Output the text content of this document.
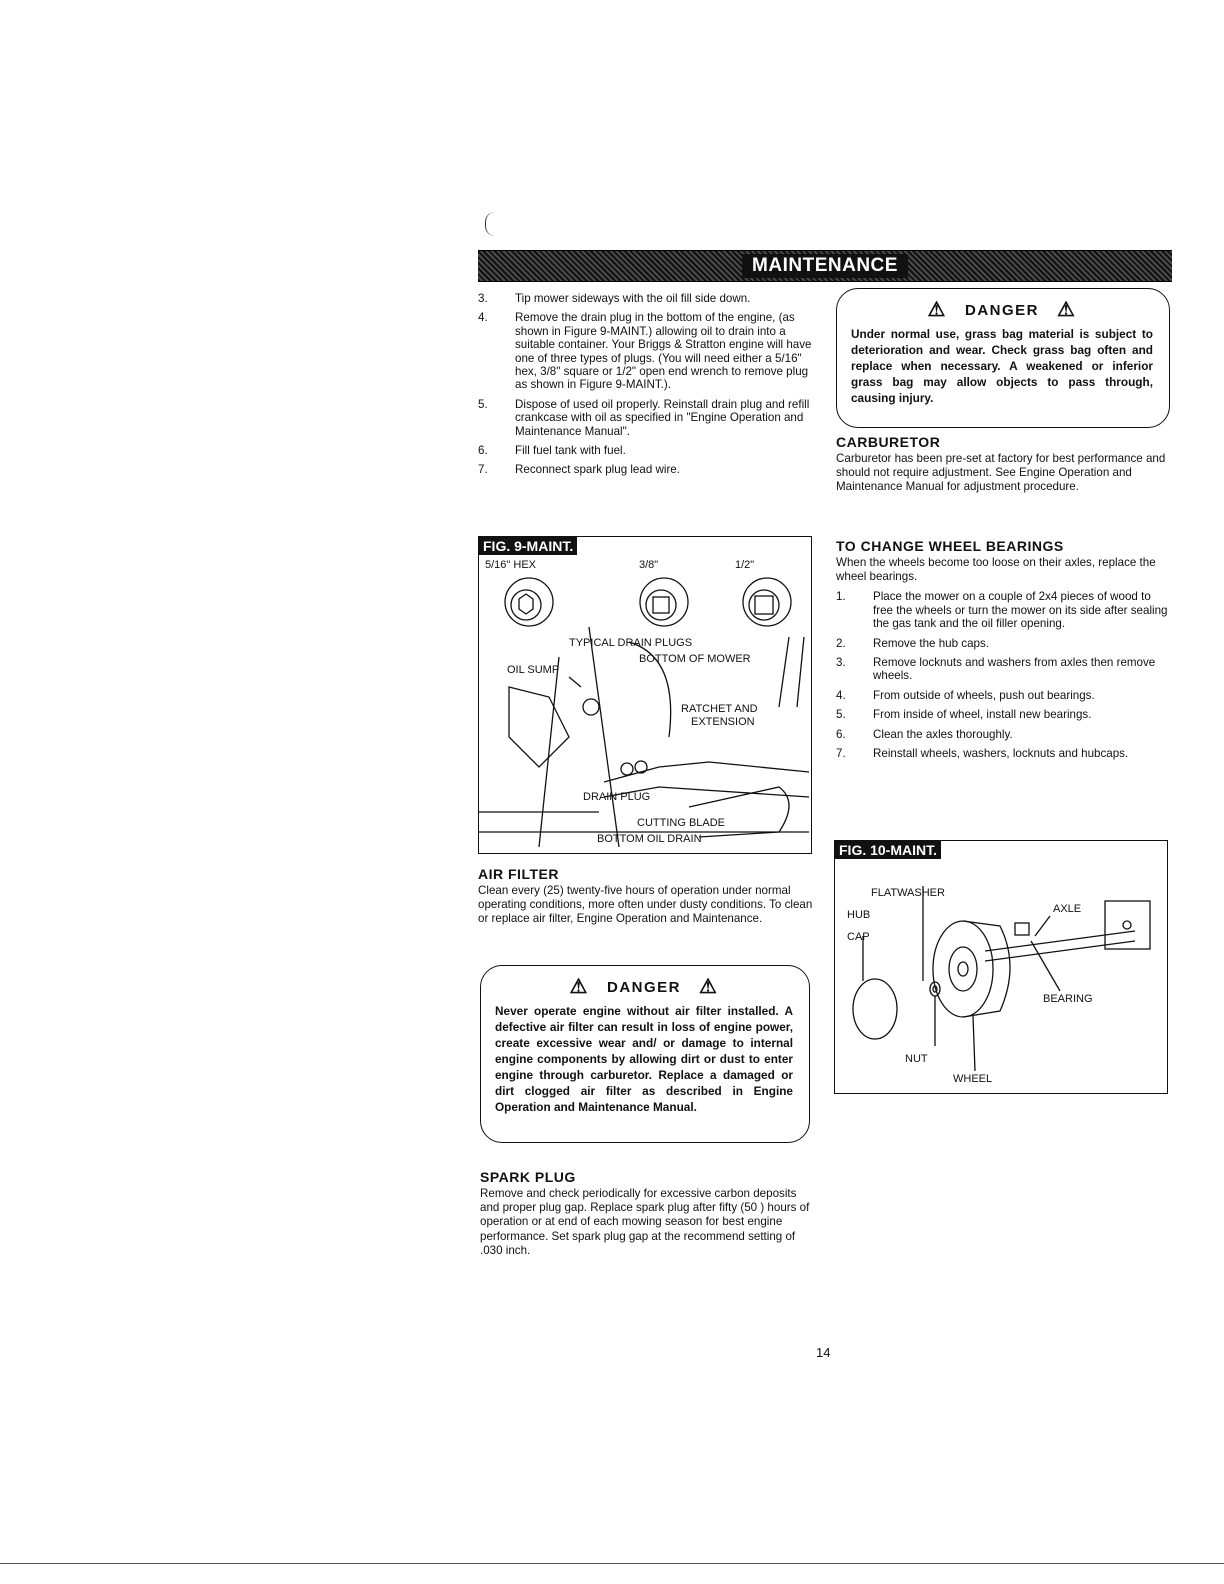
MAINTENANCE
3.	Tip mower sideways with the oil fill side down.
4.	Remove the drain plug in the bottom of the engine, (as shown in Figure 9-MAINT.) allowing oil to drain into a suitable container. Your Briggs & Stratton engine will have one of three types of plugs. (You will need either a 5/16" hex, 3/8" square or 1/2" open end wrench to remove plug as shown in Figure 9-MAINT.).
5.	Dispose of used oil properly. Reinstall drain plug and refill crankcase with oil as specified in "Engine Operation and Maintenance Manual".
6.	Fill fuel tank with fuel.
7.	Reconnect spark plug lead wire.
FIG. 9-MAINT.
5/16" HEX	3/8"	1/2"
TYPICAL DRAIN PLUGS
BOTTOM OF MOWER
OIL SUMP
RATCHET AND
EXTENSION
DRAIN PLUG
CUTTING BLADE
BOTTOM OIL DRAIN
AIR FILTER
Clean every (25) twenty-five hours of operation under normal operating conditions, more often under dusty conditions. To clean or replace air filter, Engine Operation and Maintenance.
⚠ DANGER ⚠
Never operate engine without air filter installed. A defective air filter can result in loss of engine power, create excessive wear and/ or damage to internal engine components by allowing dirt or dust to enter engine through carburetor. Replace a damaged or dirt clogged air filter as described in Engine Operation and Maintenance Manual.
SPARK PLUG
Remove and check periodically for excessive carbon deposits and proper plug gap. Replace spark plug after fifty (50 ) hours of operation or at end of each mowing season for best engine performance. Set spark plug gap at the recommend setting of .030 inch.
⚠ DANGER ⚠
Under normal use, grass bag material is subject to deterioration and wear. Check grass bag often and replace when necessary. A weakened or inferior grass bag may allow objects to pass through, causing injury.
CARBURETOR
Carburetor has been pre-set at factory for best performance and should not require adjustment. See Engine Operation and Maintenance Manual for adjustment procedure.
TO CHANGE WHEEL BEARINGS
When the wheels become too loose on their axles, replace the wheel bearings.
1.	Place the mower on a couple of 2x4 pieces of wood to free the wheels or turn the mower on its side after sealing the gas tank and the oil filler opening.
2.	Remove the hub caps.
3.	Remove locknuts and washers from axles then remove wheels.
4.	From outside of wheels, push out bearings.
5.	From inside of wheel, install new bearings.
6.	Clean the axles thoroughly.
7.	Reinstall wheels, washers, locknuts and hubcaps.
FIG. 10-MAINT.
FLATWASHER
HUB
CAP
AXLE
BEARING
NUT
WHEEL
14
